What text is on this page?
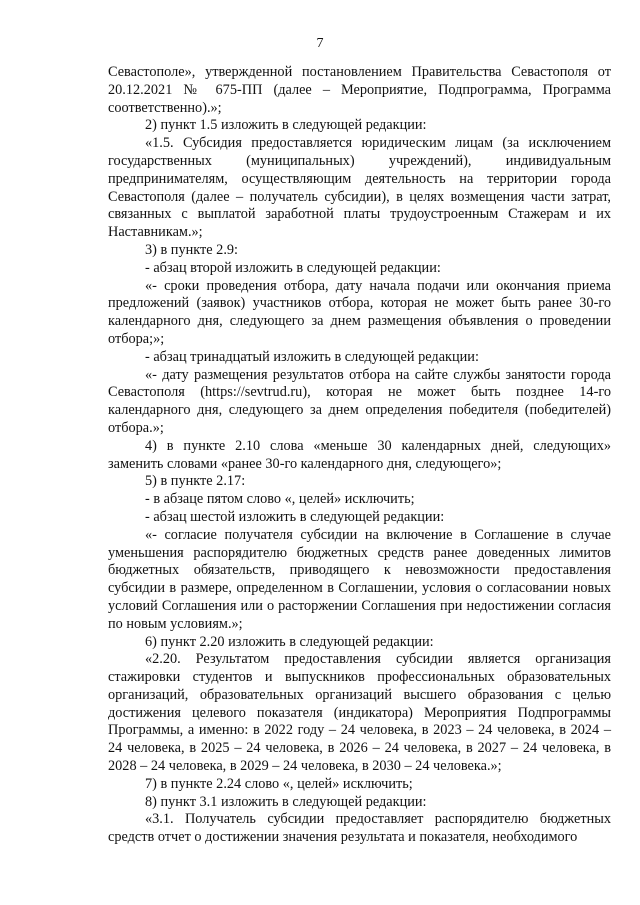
7

Севастополе», утвержденной постановлением Правительства Севастополя от 20.12.2021 № 675-ПП (далее – Мероприятие, Подпрограмма, Программа соответственно).»;

2) пункт 1.5 изложить в следующей редакции:

«1.5. Субсидия предоставляется юридическим лицам (за исключением государственных (муниципальных) учреждений), индивидуальным предпринимателям, осуществляющим деятельность на территории города Севастополя (далее – получатель субсидии), в целях возмещения части затрат, связанных с выплатой заработной платы трудоустроенным Стажерам и их Наставникам.»;

3) в пункте 2.9:

- абзац второй изложить в следующей редакции:

«- сроки проведения отбора, дату начала подачи или окончания приема предложений (заявок) участников отбора, которая не может быть ранее 30-го календарного дня, следующего за днем размещения объявления о проведении отбора;»;

- абзац тринадцатый изложить в следующей редакции:

«- дату размещения результатов отбора на сайте службы занятости города Севастополя (https://sevtrud.ru), которая не может быть позднее 14-го календарного дня, следующего за днем определения победителя (победителей) отбора.»;

4) в пункте 2.10 слова «меньше 30 календарных дней, следующих» заменить словами «ранее 30-го календарного дня, следующего»;

5) в пункте 2.17:

- в абзаце пятом слово «, целей» исключить;

- абзац шестой изложить в следующей редакции:

«- согласие получателя субсидии на включение в Соглашение в случае уменьшения распорядителю бюджетных средств ранее доведенных лимитов бюджетных обязательств, приводящего к невозможности предоставления субсидии в размере, определенном в Соглашении, условия о согласовании новых условий Соглашения или о расторжении Соглашения при недостижении согласия по новым условиям.»;

6) пункт 2.20 изложить в следующей редакции:

«2.20. Результатом предоставления субсидии является организация стажировки студентов и выпускников профессиональных образовательных организаций, образовательных организаций высшего образования с целью достижения целевого показателя (индикатора) Мероприятия Подпрограммы Программы, а именно: в 2022 году – 24 человека, в 2023 – 24 человека, в 2024 – 24 человека, в 2025 – 24 человека, в 2026 – 24 человека, в 2027 – 24 человека, в 2028 – 24 человека, в 2029 – 24 человека, в 2030 – 24 человека.»;

7) в пункте 2.24 слово «, целей» исключить;

8) пункт 3.1 изложить в следующей редакции:

«3.1. Получатель субсидии предоставляет распорядителю бюджетных средств отчет о достижении значения результата и показателя, необходимого
